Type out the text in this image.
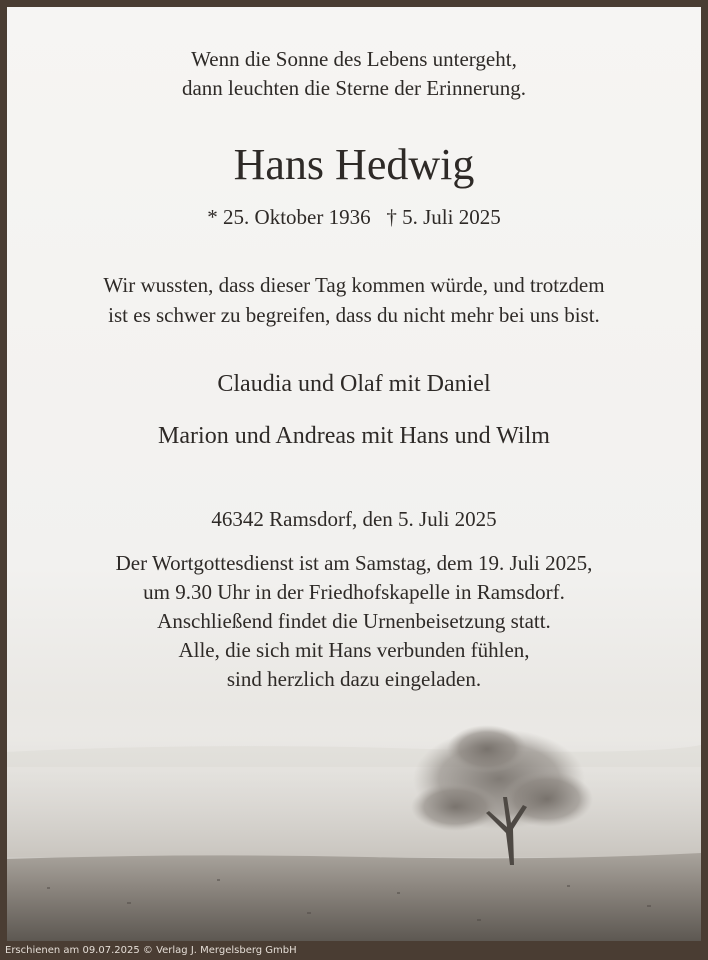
Wenn die Sonne des Lebens untergeht,

dann leuchten die Sterne der Erinnerung.

Hans Hedwig

* 25. Oktober 1936   † 5. Juli 2025

Wir wussten, dass dieser Tag kommen würde, und trotzdem

ist es schwer zu begreifen, dass du nicht mehr bei uns bist.

Claudia und Olaf mit Daniel

Marion und Andreas mit Hans und Wilm

46342 Ramsdorf, den 5. Juli 2025

Der Wortgottesdienst ist am Samstag, dem 19. Juli 2025,

um 9.30 Uhr in der Friedhofskapelle in Ramsdorf.

Anschließend findet die Urnenbeisetzung statt.

Alle, die sich mit Hans verbunden fühlen,

sind herzlich dazu eingeladen.

Erschienen am 09.07.2025 © Verlag J. Mergelsberg GmbH
